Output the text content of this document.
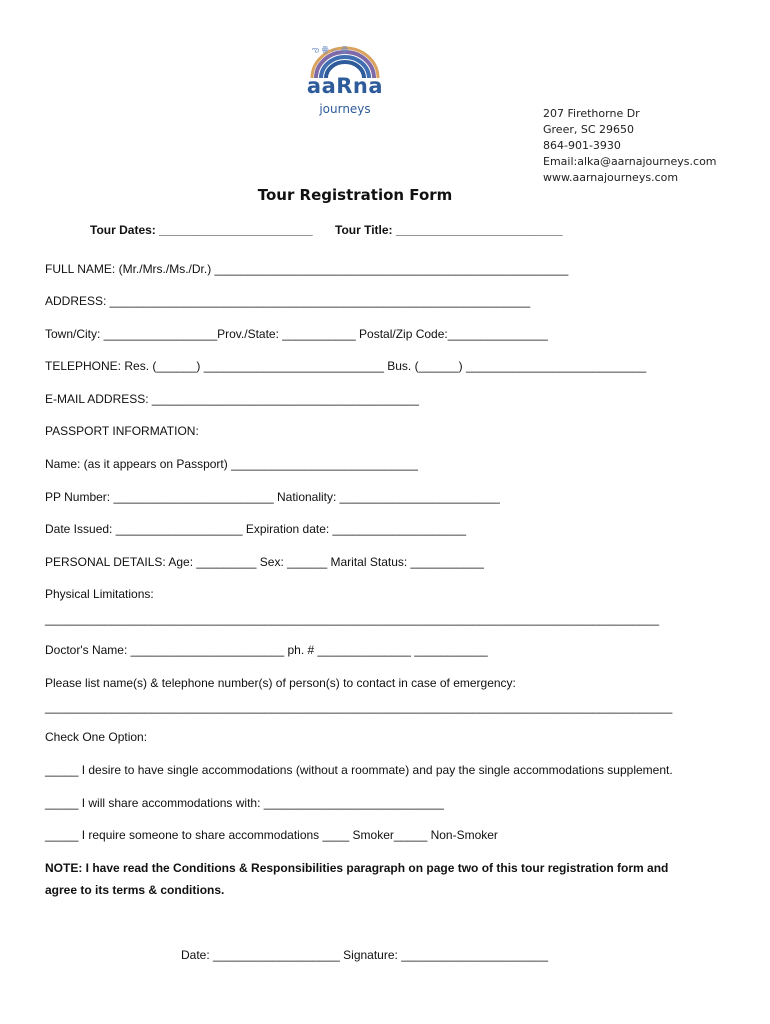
ఌ ꙮ ෴ ꙮ
aaRna
journeys	207 Firethorne Dr
Greer, SC 29650
864-901-3930
Email:alka@aarnajourneys.com
www.aarnajourneys.com
Tour Registration Form
Tour Dates: _______________________ Tour Title: _________________________
FULL NAME: (Mr./Mrs./Ms./Dr.) _____________________________________________________
ADDRESS: _______________________________________________________________
Town/City: _________________Prov./State: ___________ Postal/Zip Code:_______________
TELEPHONE: Res. (______) ___________________________ Bus. (______) ___________________________
E-MAIL ADDRESS: ________________________________________
PASSPORT INFORMATION:
Name: (as it appears on Passport) ____________________________
PP Number: ________________________ Nationality: ________________________
Date Issued: ___________________ Expiration date: ____________________
PERSONAL DETAILS: Age: _________ Sex: ______ Marital Status: ___________
Physical Limitations:
____________________________________________________________________________________________
Doctor's Name: _______________________ ph. # ______________ ___________
Please list name(s) & telephone number(s) of person(s) to contact in case of emergency:
______________________________________________________________________________________________
Check One Option:
_____ I desire to have single accommodations (without a roommate) and pay the single accommodations supplement.
_____ I will share accommodations with: ___________________________
_____ I require someone to share accommodations ____ Smoker_____ Non-Smoker
NOTE: I have read the Conditions & Responsibilities paragraph on page two of this tour registration form and
agree to its terms & conditions.
Date: ___________________ Signature: ______________________
